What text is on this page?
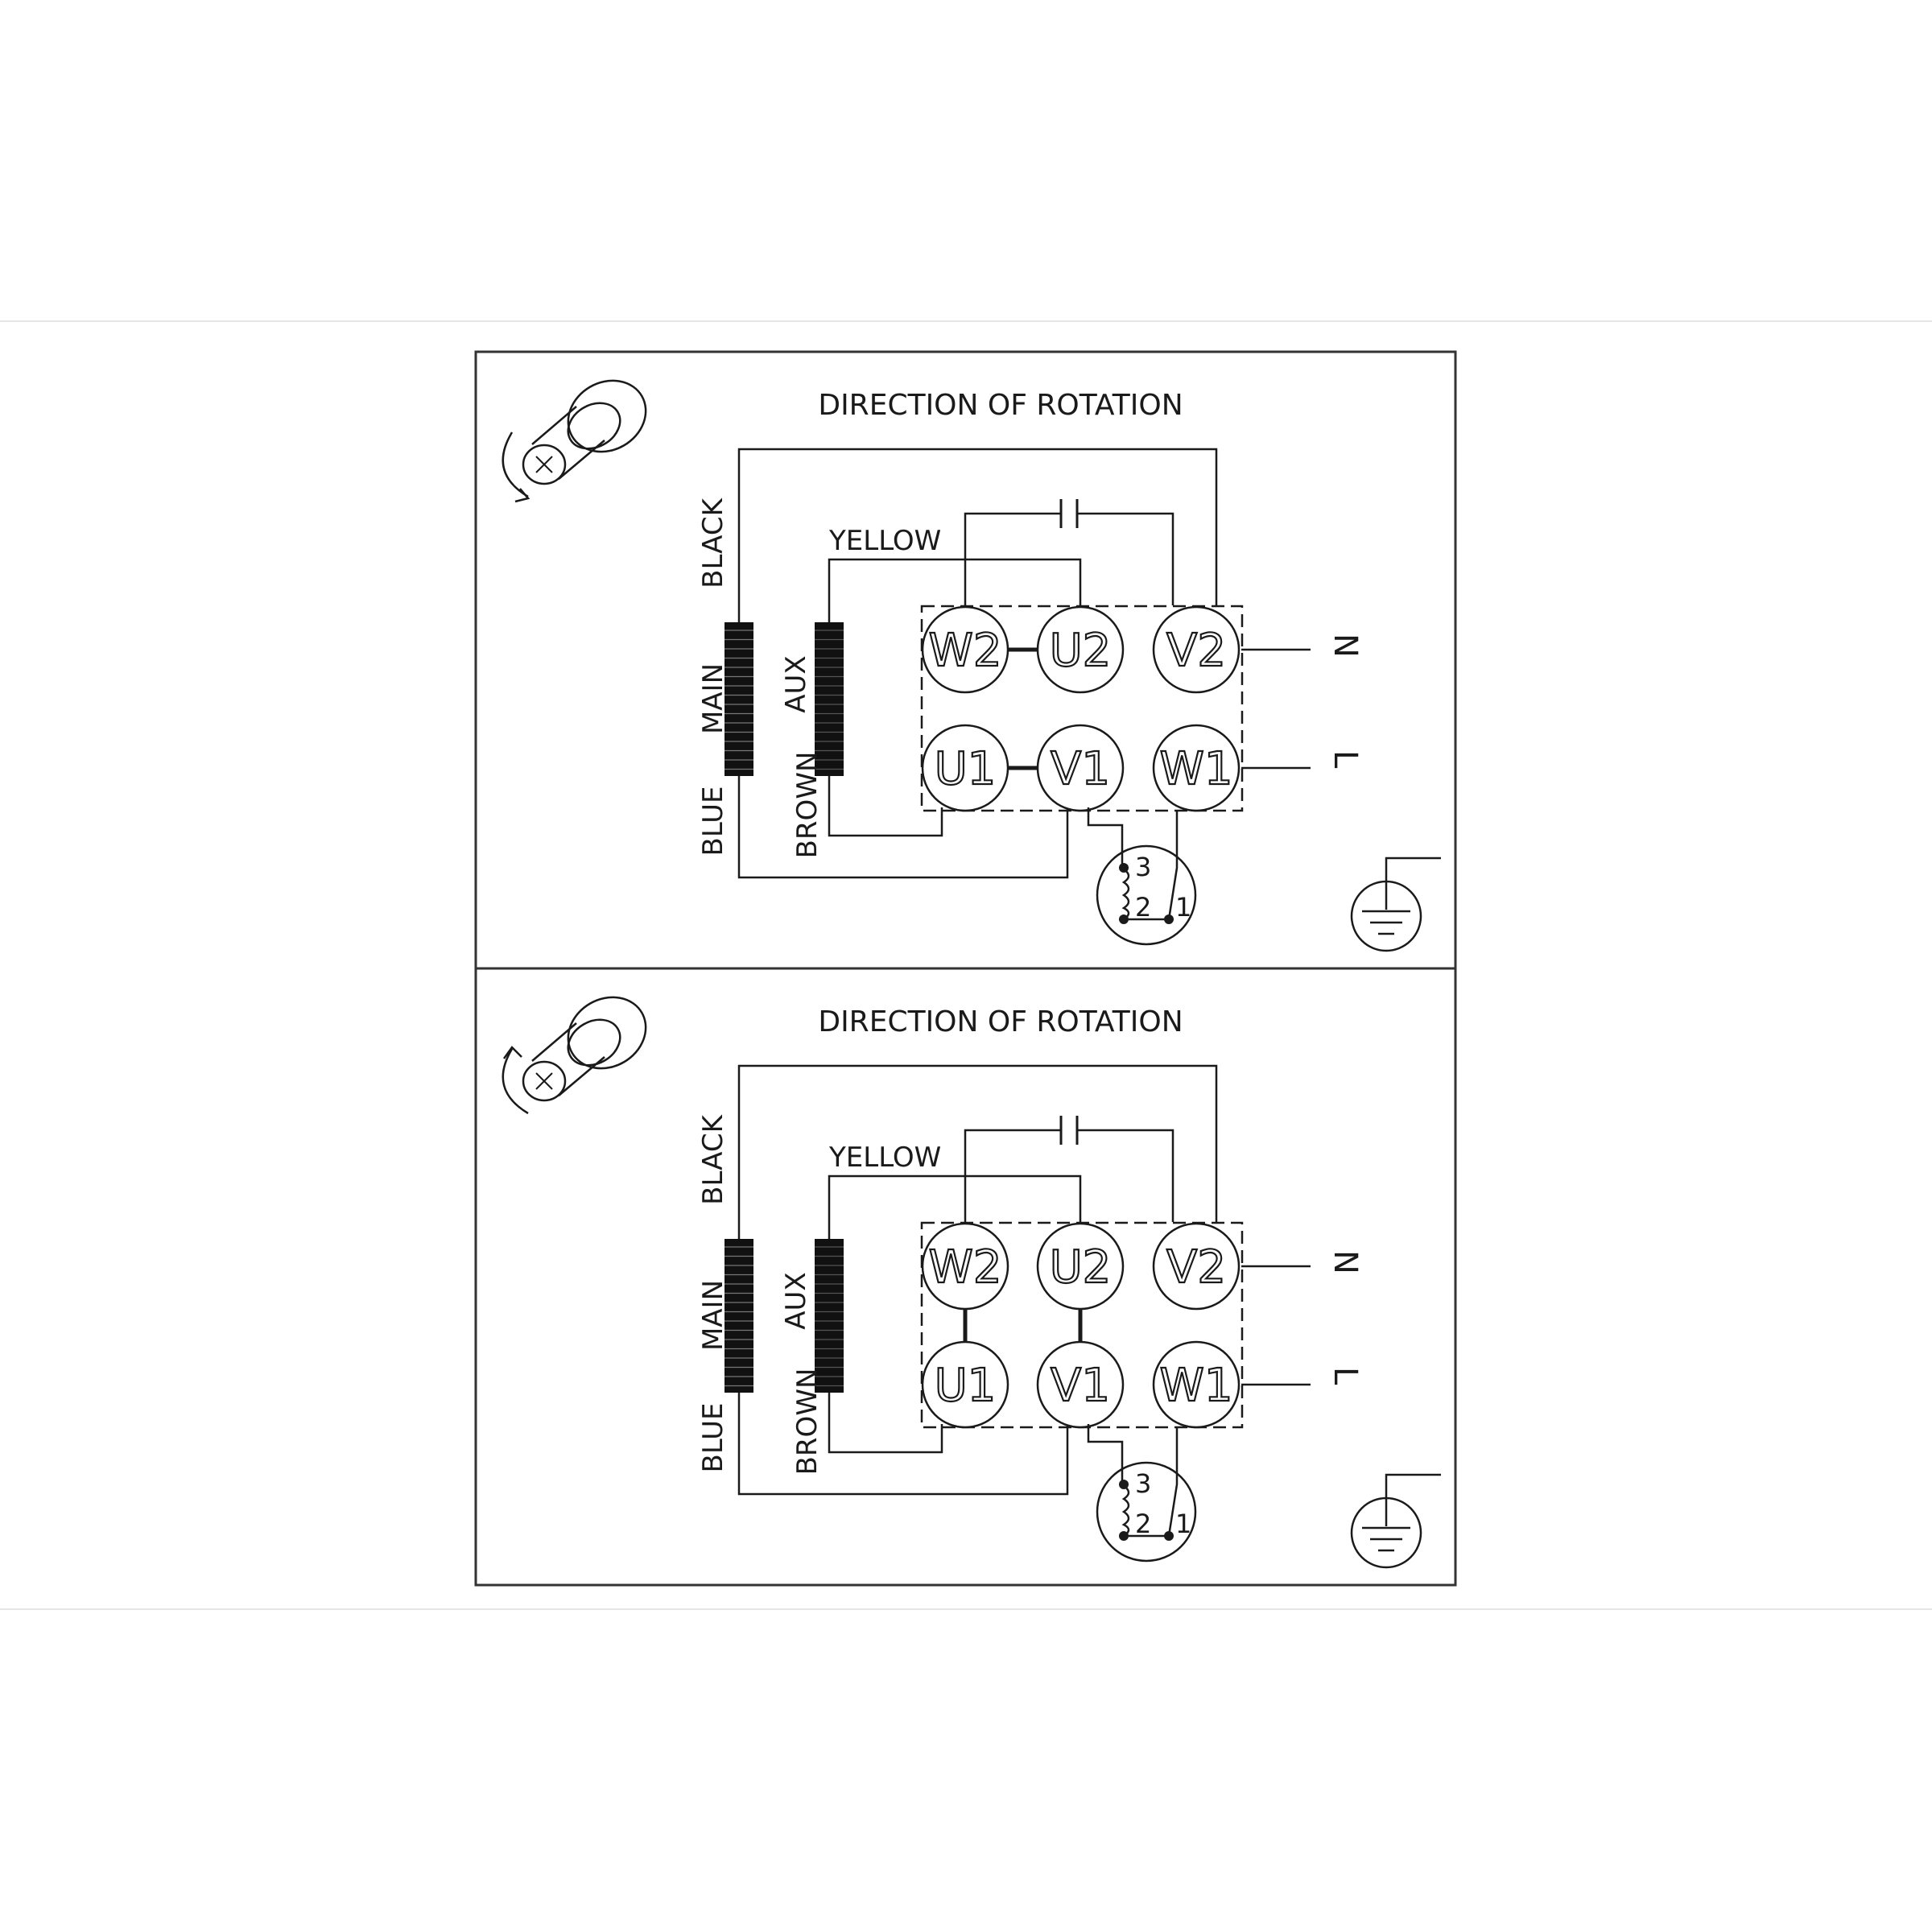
DIRECTION OF ROTATION
BLACK
MAIN
BLUE
AUX
BROWN
YELLOW
N
L
W2 U2 V2
U1 V1 W1
3
2 1
DIRECTION OF ROTATION
BLACK
MAIN
BLUE
AUX
BROWN
YELLOW
N
L
W2 U2 V2
U1 V1 W1
3
2 1
